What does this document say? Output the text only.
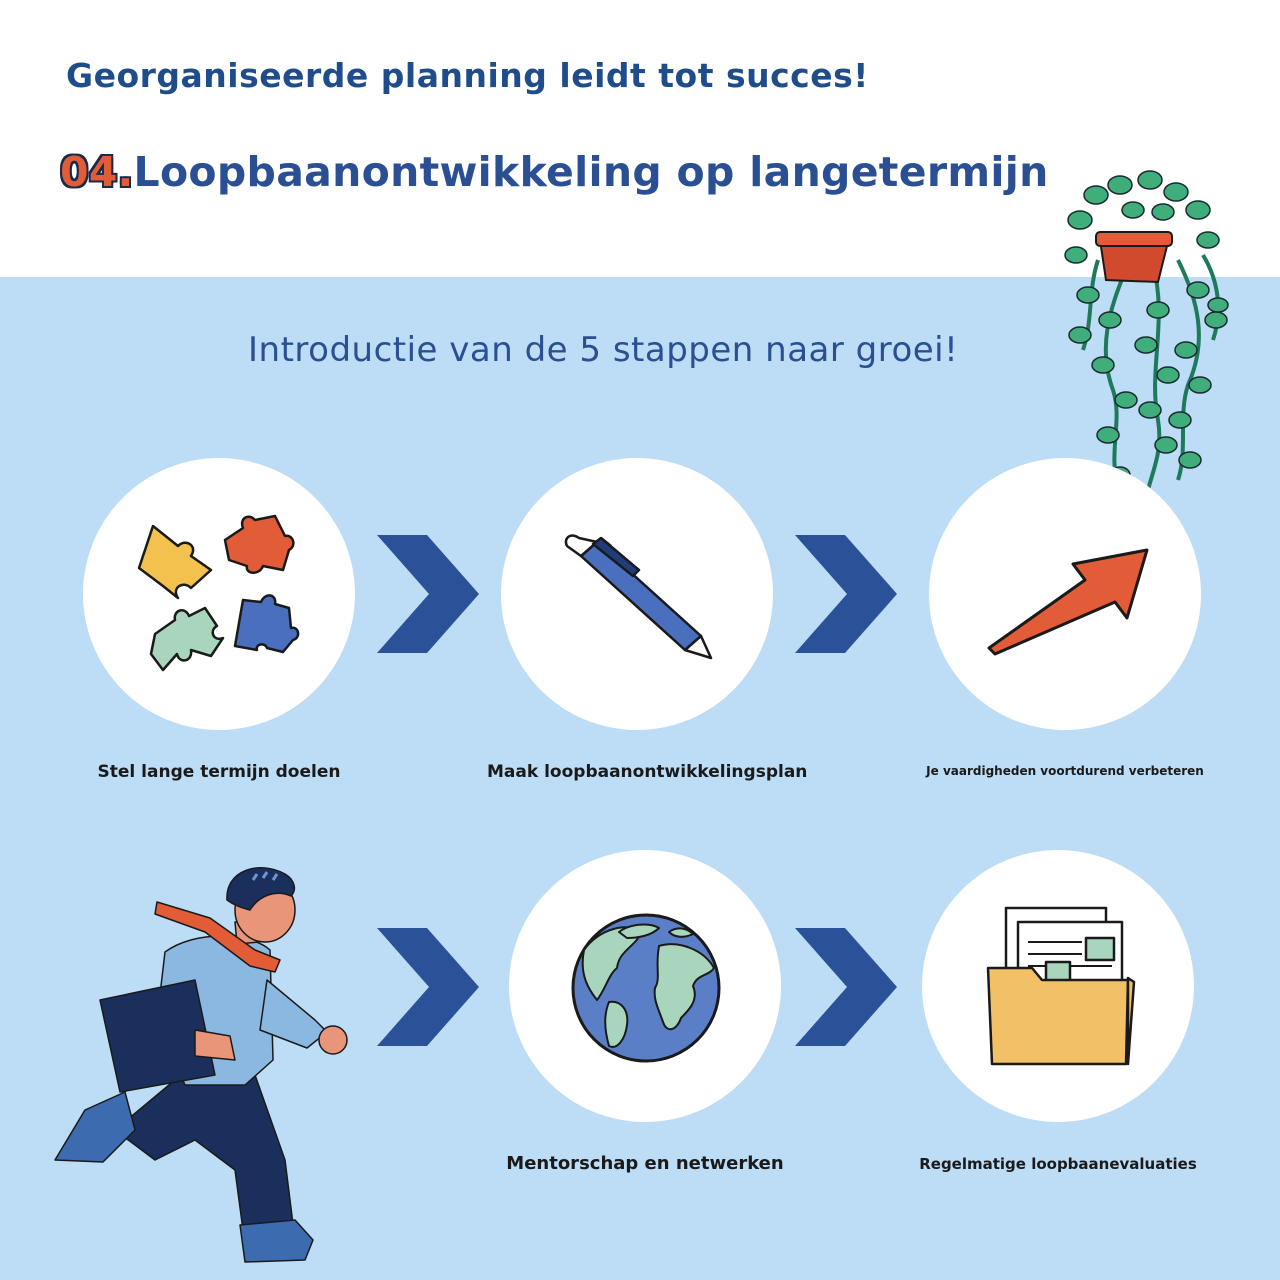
Georganiseerde planning leidt tot succes!
04.Loopbaanontwikkeling op langetermijn
Introductie van de 5 stappen naar groei!
Stel lange termijn doelen	Maak loopbaanontwikkelingsplan	Je vaardigheden voortdurend verbeteren
Mentorschap en netwerken	Regelmatige loopbaanevaluaties
